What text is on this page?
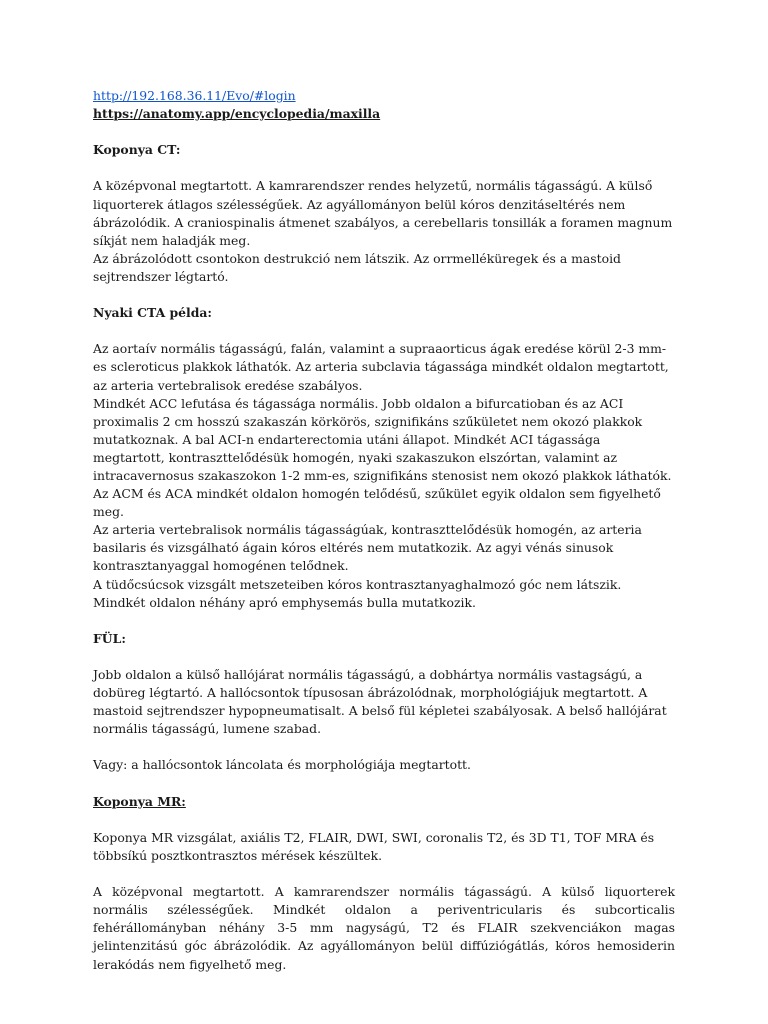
http://192.168.36.11/Evo/#login
https://anatomy.app/encyclopedia/maxilla

Koponya CT:

A középvonal megtartott. A kamrarendszer rendes helyzetű, normális tágasságú. A külső liquorterek átlagos szélességűek. Az agyállományon belül kóros denzitáseltérés nem ábrázolódik. A craniospinalis átmenet szabályos, a cerebellaris tonsillák a foramen magnum síkját nem haladják meg.

Az ábrázolódott csontokon destrukció nem látszik. Az orrmelléküregek és a mastoid sejtrendszer légtartó.

Nyaki CTA példa:

Az aortaív normális tágasságú, falán, valamint a supraaorticus ágak eredése körül 2-3 mm-es scleroticus plakkok láthatók. Az arteria subclavia tágassága mindkét oldalon megtartott, az arteria vertebralisok eredése szabályos.

Mindkét ACC lefutása és tágassága normális. Jobb oldalon a bifurcatioban és az ACI proximalis 2 cm hosszú szakaszán körkörös, szignifikáns szűkületet nem okozó plakkok mutatkoznak. A bal ACI-n endarterectomia utáni állapot. Mindkét ACI tágassága megtartott, kontraszttelődésük homogén, nyaki szakaszukon elszórtan, valamint az intracavernosus szakaszokon 1-2 mm-es, szignifikáns stenosist nem okozó plakkok láthatók. Az ACM és ACA mindkét oldalon homogén telődésű, szűkület egyik oldalon sem figyelhető meg.

Az arteria vertebralisok normális tágasságúak, kontraszttelődésük homogén, az arteria basilaris és vizsgálható ágain kóros eltérés nem mutatkozik. Az agyi vénás sinusok kontrasztanyaggal homogénen telődnek.

A tüdőcsúcsok vizsgált metszeteiben kóros kontrasztanyaghalmozó góc nem látszik. Mindkét oldalon néhány apró emphysemás bulla mutatkozik.

FÜL:

Jobb oldalon a külső hallójárat normális tágasságú, a dobhártya normális vastagságú, a dobüreg légtartó. A hallócsontok típusosan ábrázolódnak, morphológiájuk megtartott. A mastoid sejtrendszer hypopneumatisalt. A belső fül képletei szabályosak. A belső hallójárat normális tágasságú, lumene szabad.

Vagy: a hallócsontok láncolata és morphológiája megtartott.

Koponya MR:

Koponya MR vizsgálat, axiális T2, FLAIR, DWI, SWI, coronalis T2, és 3D T1, TOF MRA és többsíkú posztkontrasztos mérések készültek.

A középvonal megtartott. A kamrarendszer normális tágasságú. A külső liquorterek normális szélességűek. Mindkét oldalon a periventricularis és subcorticalis fehérállományban néhány 3-5 mm nagyságú, T2 és FLAIR szekvenciákon magas jelintenzitású góc ábrázolódik. Az agyállományon belül diffúziógátlás, kóros hemosiderin lerakódás nem figyelhető meg.
